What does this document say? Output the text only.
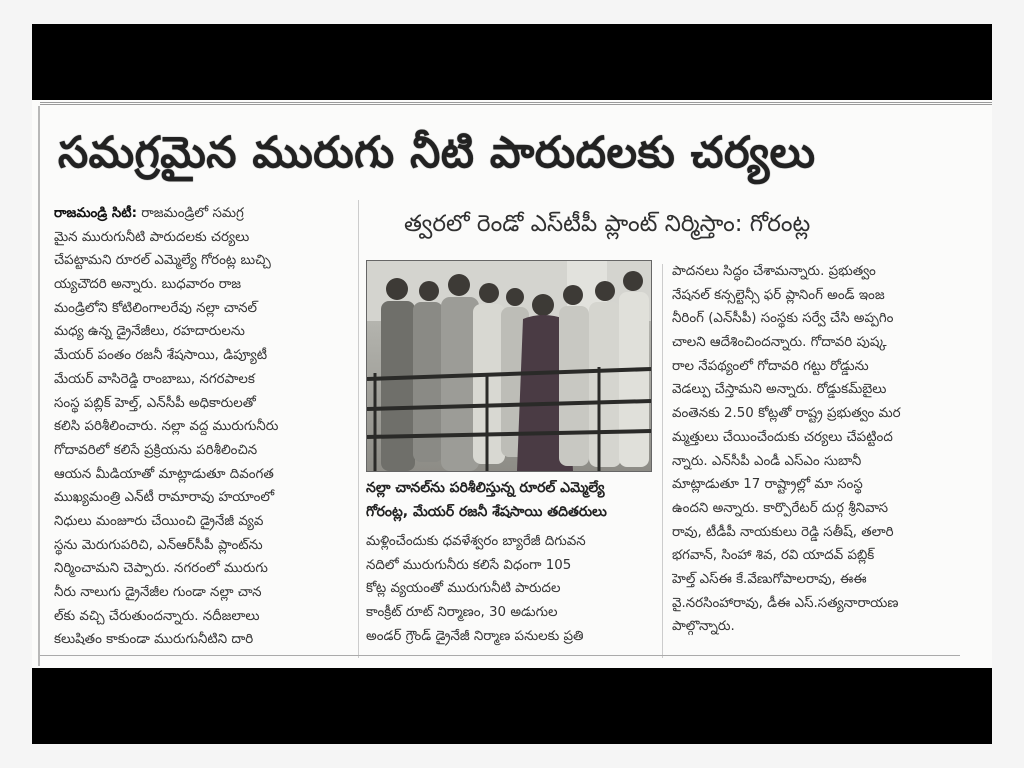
సమగ్రమైన మురుగు నీటి పారుదలకు చర్యలు
త్వరలో రెండో ఎస్‌టీపీ ప్లాంట్ నిర్మిస్తాం: గోరంట్ల
రాజమండ్రి సిటీ: రాజమండ్రిలో సమగ్ర
మైన మురుగునీటి పారుదలకు చర్యలు
చేపట్టామని రూరల్ ఎమ్మెల్యే గోరంట్ల బుచ్చి
య్యచౌదరి అన్నారు. బుధవారం రాజ
మండ్రిలోని కోటిలింగాలరేవు నల్లా చానల్
మధ్య ఉన్న డ్రైనేజీలు, రహదారులను
మేయర్ పంతం రజనీ శేషసాయి, డిప్యూటీ
మేయర్ వాసిరెడ్డి రాంబాబు, నగరపాలక
సంస్థ పబ్లిక్ హెల్త్, ఎన్‌సీపీ అధికారులతో
కలిసి పరిశీలించారు. నల్లా వద్ద మురుగునీరు
గోదావరిలో కలిసే ప్రక్రియను పరిశీలించిన
ఆయన మీడియాతో మాట్లాడుతూ దివంగత
ముఖ్యమంత్రి ఎన్‌టీ రామారావు హయాంలో
నిధులు మంజూరు చేయించి డ్రైనేజీ వ్యవ
స్థను మెరుగుపరిచి, ఎన్‌ఆర్‌సీపీ ప్లాంట్‌ను
నిర్మించామని చెప్పారు. నగరంలో మురుగు
నీరు నాలుగు డ్రైనేజీల గుండా నల్లా చాన
ల్‌కు వచ్చి చేరుతుందన్నారు. నదీజలాలు
కలుషితం కాకుండా మురుగునీటిని దారి
నల్లా చానల్‌ను పరిశీలిస్తున్న రూరల్ ఎమ్మెల్యే
గోరంట్ల, మేయర్ రజనీ శేషసాయి తదితరులు
మళ్లించేందుకు ధవళేశ్వరం బ్యారేజీ దిగువన
నదిలో మురుగునీరు కలిసే విధంగా 105
కోట్ల వ్యయంతో మురుగునీటి పారుదల
కాంక్రీట్ రూట్ నిర్మాణం, 30 అడుగుల
అండర్ గ్రౌండ్ డ్రైనేజీ నిర్మాణ పనులకు ప్రతి
పాదనలు సిద్ధం చేశామన్నారు. ప్రభుత్వం
నేషనల్ కన్సల్టెన్సీ ఫర్ ప్లానింగ్ అండ్ ఇంజ
నీరింగ్ (ఎన్‌సీపీ) సంస్థకు సర్వే చేసి అప్పగిం
చాలని ఆదేశించిందన్నారు. గోదావరి పుష్క
రాల నేపథ్యంలో గోదావరి గట్టు రోడ్డును
వెడల్పు చేస్తామని అన్నారు. రోడ్డుకమ్‌బైలు
వంతెనకు 2.50 కోట్లతో రాష్ట్ర ప్రభుత్వం మర
మ్మత్తులు చేయించేందుకు చర్యలు చేపట్టింద
న్నారు. ఎన్‌సీపీ ఎండీ ఎస్‌ఎం సుబానీ
మాట్లాడుతూ 17 రాష్ట్రాల్లో మా సంస్థ
ఉందని అన్నారు. కార్పొరేటర్ దుర్గ శ్రీనివాస
రావు, టీడీపీ నాయకులు రెడ్డి సతీష్, తలారి
భగవాన్, సింహా శివ, రవి యాదవ్ పబ్లిక్
హెల్త్ ఎస్ఈ కే.వేణుగోపాలరావు, ఈఈ
వై.నరసింహారావు, డీఈ ఎస్.సత్యనారాయణ
పాల్గొన్నారు.
